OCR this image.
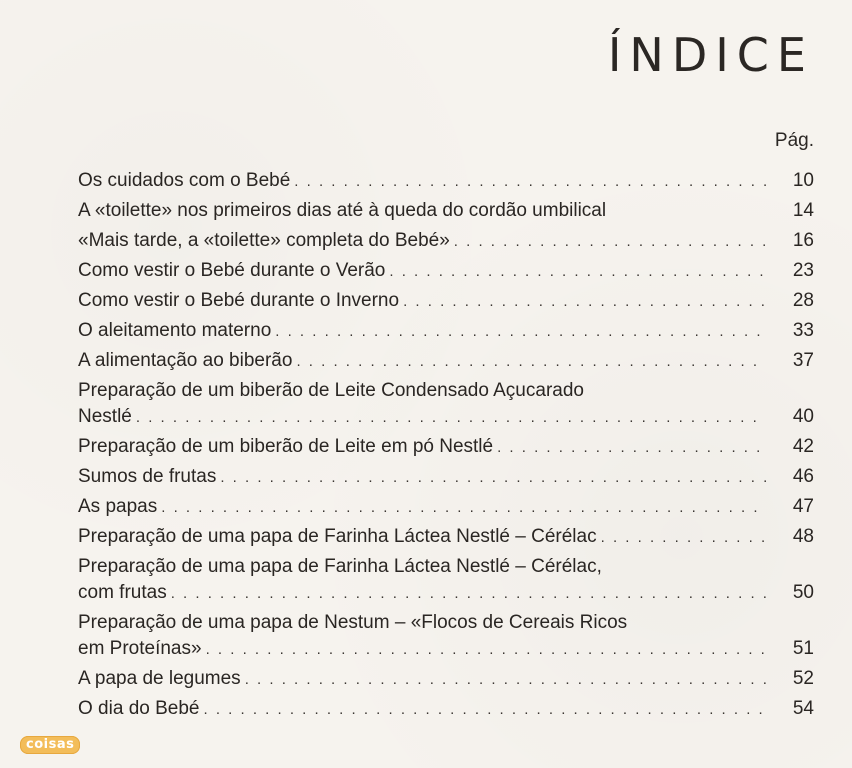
ÍNDICE
Pág.
Os cuidados com o Bebé . . .	10
A «toilette» nos primeiros dias até à queda do cordão umbilical	14
«Mais tarde, a «toilette» completa do Bebé» . . .	16
Como vestir o Bebé durante o Verão . . .	23
Como vestir o Bebé durante o Inverno . . .	28
O aleitamento materno . . .	33
A alimentação ao biberão . . .	37
Preparação de um biberão de Leite Condensado Açucarado
Nestlé . . .	40
Preparação de um biberão de Leite em pó Nestlé . . .	42
Sumos de frutas . . .	46
As papas . . .	47
Preparação de uma papa de Farinha Láctea Nestlé – Cérélac . . .	48
Preparação de uma papa de Farinha Láctea Nestlé – Cérélac,
com frutas . . .	50
Preparação de uma papa de Nestum – «Flocos de Cereais Ricos
em Proteínas» . . .	51
A papa de legumes . . .	52
O dia do Bebé . . .	54
coisas
